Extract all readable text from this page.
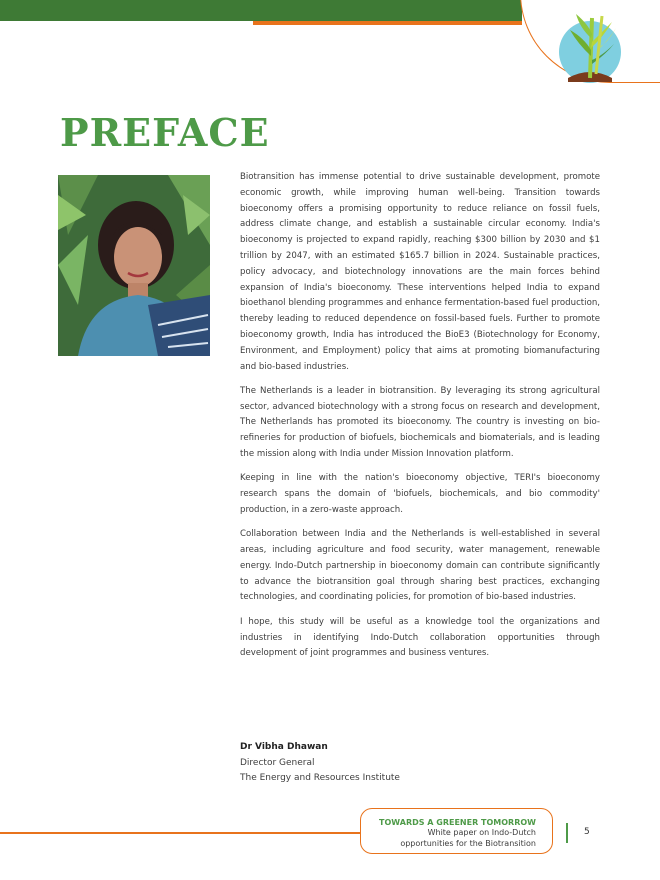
PREFACE

Biotransition has immense potential to drive sustainable development, promote economic growth, while improving human well-being. Transition towards bioeconomy offers a promising opportunity to reduce reliance on fossil fuels, address climate change, and establish a sustainable circular economy. India's bioeconomy is projected to expand rapidly, reaching $300 billion by 2030 and $1 trillion by 2047, with an estimated $165.7 billion in 2024. Sustainable practices, policy advocacy, and biotechnology innovations are the main forces behind expansion of India's bioeconomy. These interventions helped India to expand bioethanol blending programmes and enhance fermentation-based fuel production, thereby leading to reduced dependence on fossil-based fuels. Further to promote bioeconomy growth, India has introduced the BioE3 (Biotechnology for Economy, Environment, and Employment) policy that aims at promoting biomanufacturing and bio-based industries.

The Netherlands is a leader in biotransition. By leveraging its strong agricultural sector, advanced biotechnology with a strong focus on research and development, The Netherlands has promoted its bioeconomy. The country is investing on bio-refineries for production of biofuels, biochemicals and biomaterials, and is leading the mission along with India under Mission Innovation platform.

Keeping in line with the nation's bioeconomy objective, TERI's bioeconomy research spans the domain of 'biofuels, biochemicals, and bio commodity' production, in a zero-waste approach.

Collaboration between India and the Netherlands is well-established in several areas, including agriculture and food security, water management, renewable energy. Indo-Dutch partnership in bioeconomy domain can contribute significantly to advance the biotransition goal through sharing best practices, exchanging technologies, and coordinating policies, for promotion of bio-based industries.

I hope, this study will be useful as a knowledge tool the organizations and industries in identifying Indo-Dutch collaboration opportunities through development of joint programmes and business ventures.

Dr Vibha Dhawan
Director General
The Energy and Resources Institute
TOWARDS A GREENER TOMORROW
White paper on Indo-Dutch
opportunities for the Biotransition
5
